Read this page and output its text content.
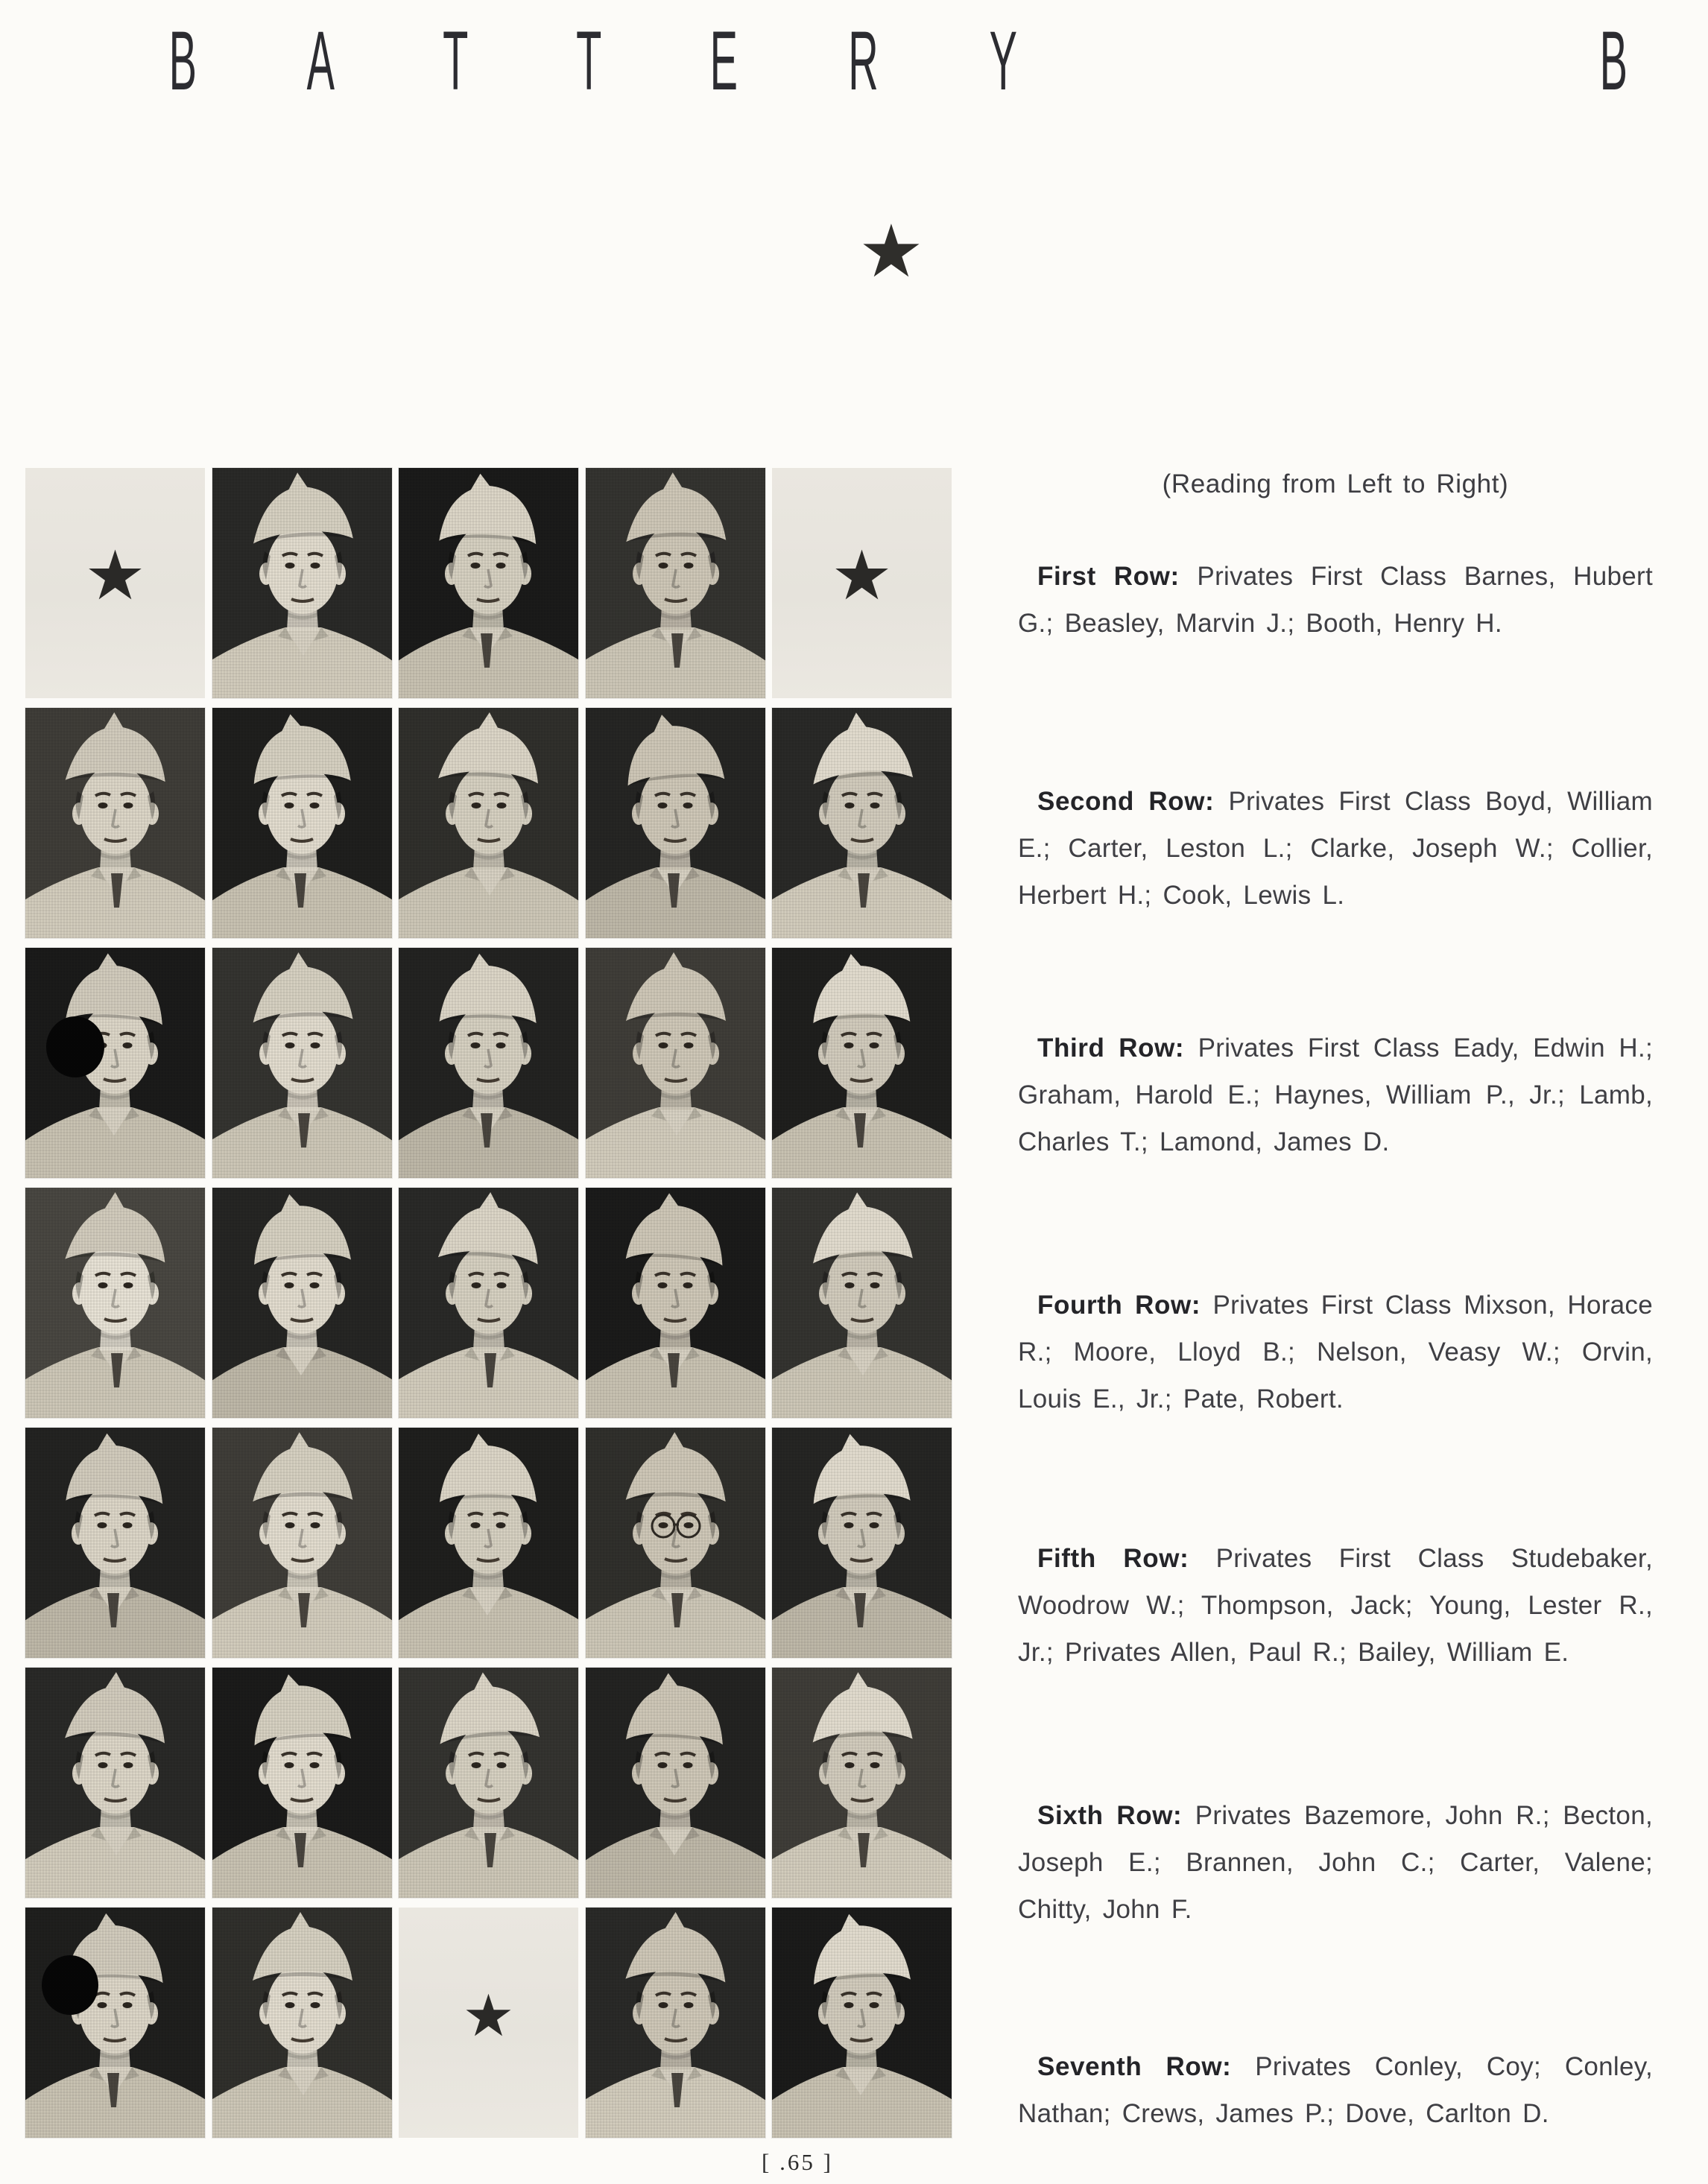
B A T T E R Y	B
★
★	★
★
(Reading from Left to Right)

First Row: Privates First Class Barnes, Hubert G.; Beasley, Marvin J.; Booth, Henry H.

Second Row: Privates First Class Boyd, William E.; Carter, Leston L.; Clarke, Joseph W.; Collier, Herbert H.; Cook, Lewis L.

Third Row: Privates First Class Eady, Edwin H.; Graham, Harold E.; Haynes, William P., Jr.; Lamb, Charles T.; Lamond, James D.

Fourth Row: Privates First Class Mixson, Horace R.; Moore, Lloyd B.; Nelson, Veasy W.; Orvin, Louis E., Jr.; Pate, Robert.

Fifth Row: Privates First Class Studebaker, Woodrow W.; Thompson, Jack; Young, Lester R., Jr.; Privates Allen, Paul R.; Bailey, William E.

Sixth Row: Privates Bazemore, John R.; Becton, Joseph E.; Brannen, John C.; Carter, Valene; Chitty, John F.

Seventh Row: Privates Conley, Coy; Conley, Nathan; Crews, James P.; Dove, Carlton D.

[ .65 ]
